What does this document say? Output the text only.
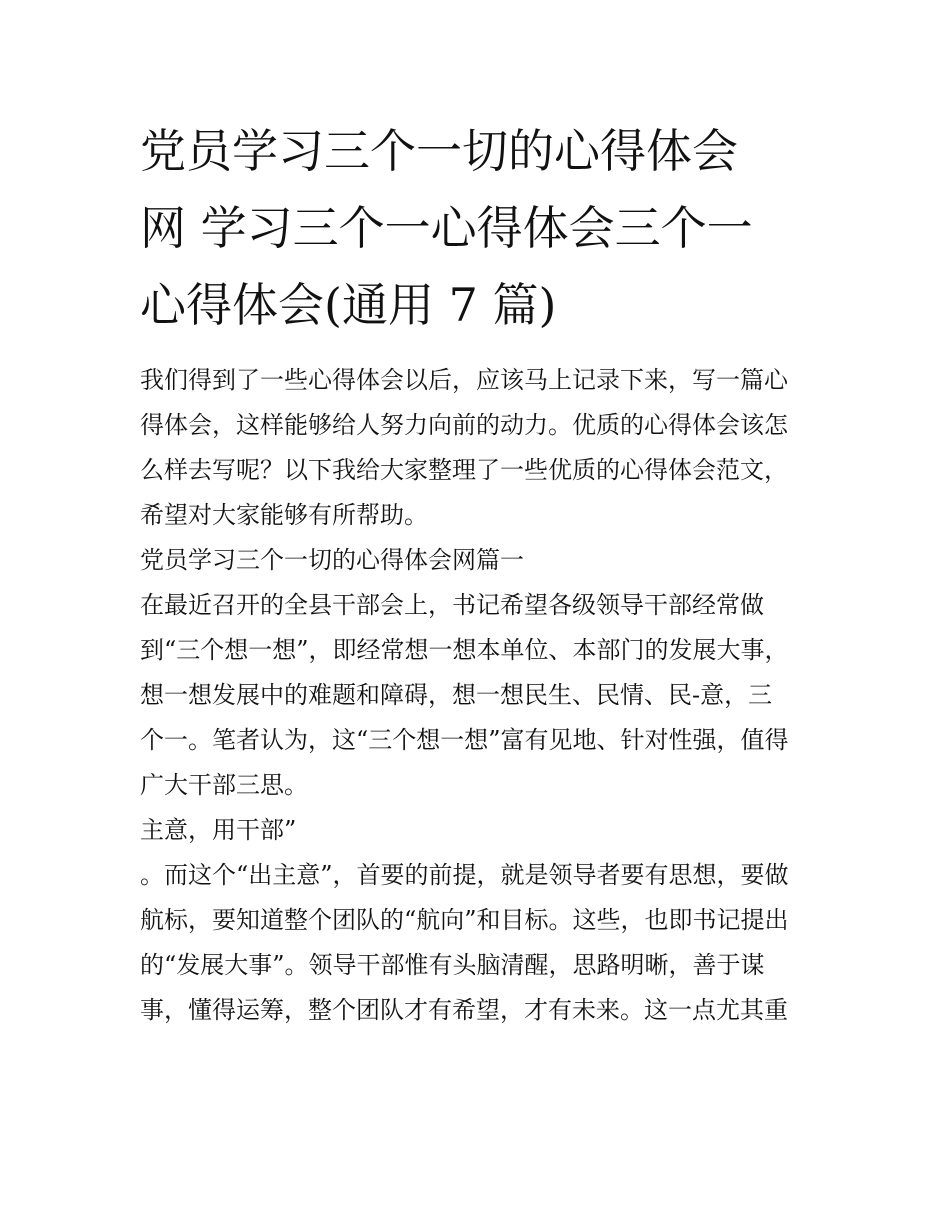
党员学习三个一切的心得体会
网 学习三个一心得体会三个一
心得体会(通用 7 篇)

我们得到了一些心得体会以后，应该马上记录下来，写一篇心

得体会，这样能够给人努力向前的动力。优质的心得体会该怎

么样去写呢？以下我给大家整理了一些优质的心得体会范文，

希望对大家能够有所帮助。

党员学习三个一切的心得体会网篇一

在最近召开的全县干部会上，书记希望各级领导干部经常做

到“三个想一想”，即经常想一想本单位、本部门的发展大事，

想一想发展中的难题和障碍，想一想民生、民情、民-意，三

个一。笔者认为，这“三个想一想”富有见地、针对性强，值得

广大干部三思。

主意，用干部”

。而这个“出主意”，首要的前提，就是领导者要有思想，要做

航标，要知道整个团队的“航向”和目标。这些，也即书记提出

的“发展大事”。领导干部惟有头脑清醒，思路明晰，善于谋

事，懂得运筹，整个团队才有希望，才有未来。这一点尤其重
